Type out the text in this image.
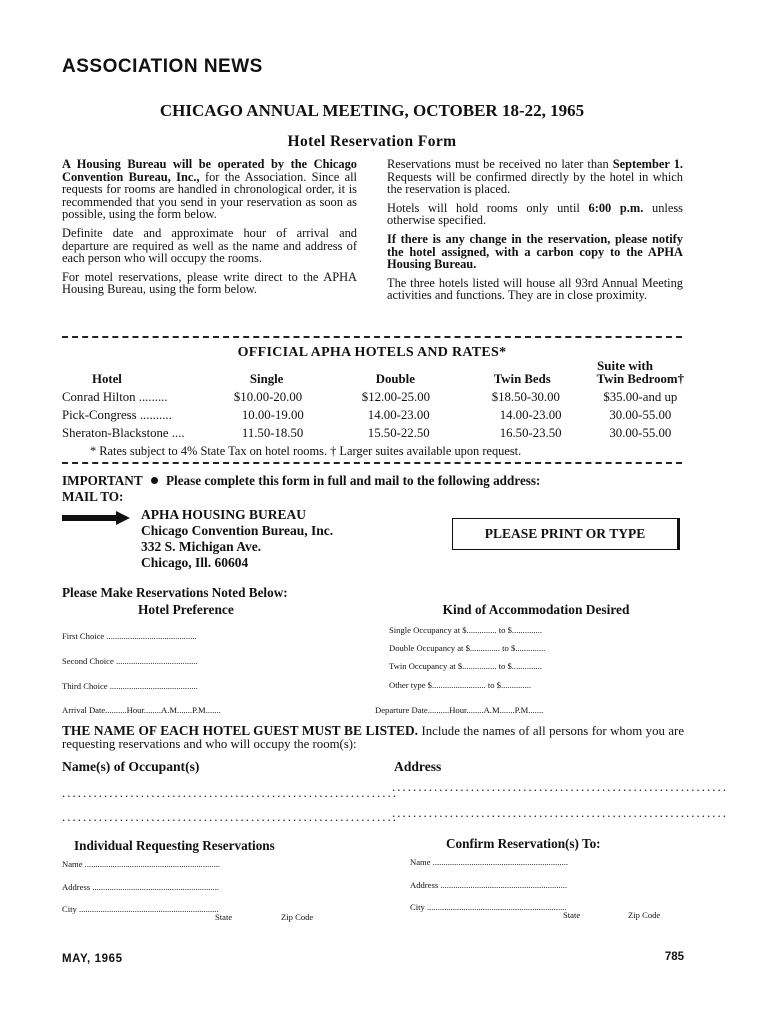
ASSOCIATION NEWS
CHICAGO ANNUAL MEETING, OCTOBER 18-22, 1965
Hotel Reservation Form

A Housing Bureau will be operated by the Chicago Convention Bureau, Inc., for the Association. Since all requests for rooms are handled in chronological order, it is recommended that you send in your reservation as soon as possible, using the form below.

Definite date and approximate hour of arrival and departure are required as well as the name and address of each person who will occupy the rooms.

For motel reservations, please write direct to the APHA Housing Bureau, using the form below.

Reservations must be received no later than September 1. Requests will be confirmed directly by the hotel in which the reservation is placed.

Hotels will hold rooms only until 6:00 p.m. unless otherwise specified.

If there is any change in the reservation, please notify the hotel assigned, with a carbon copy to the APHA Housing Bureau.

The three hotels listed will house all 93rd Annual Meeting activities and functions. They are in close proximity.

OFFICIAL APHA HOTELS AND RATES*
Suite with
Hotel	Single	Double	Twin Beds	Twin Bedroom†
Conrad Hilton .........	$10.00-20.00	$12.00-25.00	$18.50-30.00	$35.00-and up
Pick-Congress ..........	10.00-19.00	14.00-23.00	14.00-23.00	30.00-55.00
Sheraton-Blackstone ....	11.50-18.50	15.50-22.50	16.50-23.50	30.00-55.00
* Rates subject to 4% State Tax on hotel rooms. † Larger suites available upon request.
IMPORTANT Please complete this form in full and mail to the following address:
MAIL TO:
APHA HOUSING BUREAU
Chicago Convention Bureau, Inc.
332 S. Michigan Ave.
Chicago, Ill. 60604
PLEASE PRINT OR TYPE
Please Make Reservations Noted Below:
Hotel Preference	Kind of Accommodation Desired
First Choice ..........................................
Second Choice ......................................
Third Choice .........................................
Single Occupancy at $.............. to $..............
Double Occupancy at $.............. to $..............
Twin Occupancy at $................ to $..............
Other type $......................... to $..............
Arrival Date..........Hour........A.M.......P.M.......	Departure Date..........Hour........A.M.......P.M.......
THE NAME OF EACH HOTEL GUEST MUST BE LISTED. Include the names of all persons for whom you are requesting reservations and who will occupy the room(s):
Name(s) of Occupant(s)	Address
................................................................
................................................................
................................................................
................................................................
Individual Requesting Reservations
Name ...............................................................
Address ...........................................................
City .................................................................
State	Zip Code
Confirm Reservation(s) To:
Name ...............................................................
Address ...........................................................
City .................................................................
State	Zip Code
MAY, 1965	785
